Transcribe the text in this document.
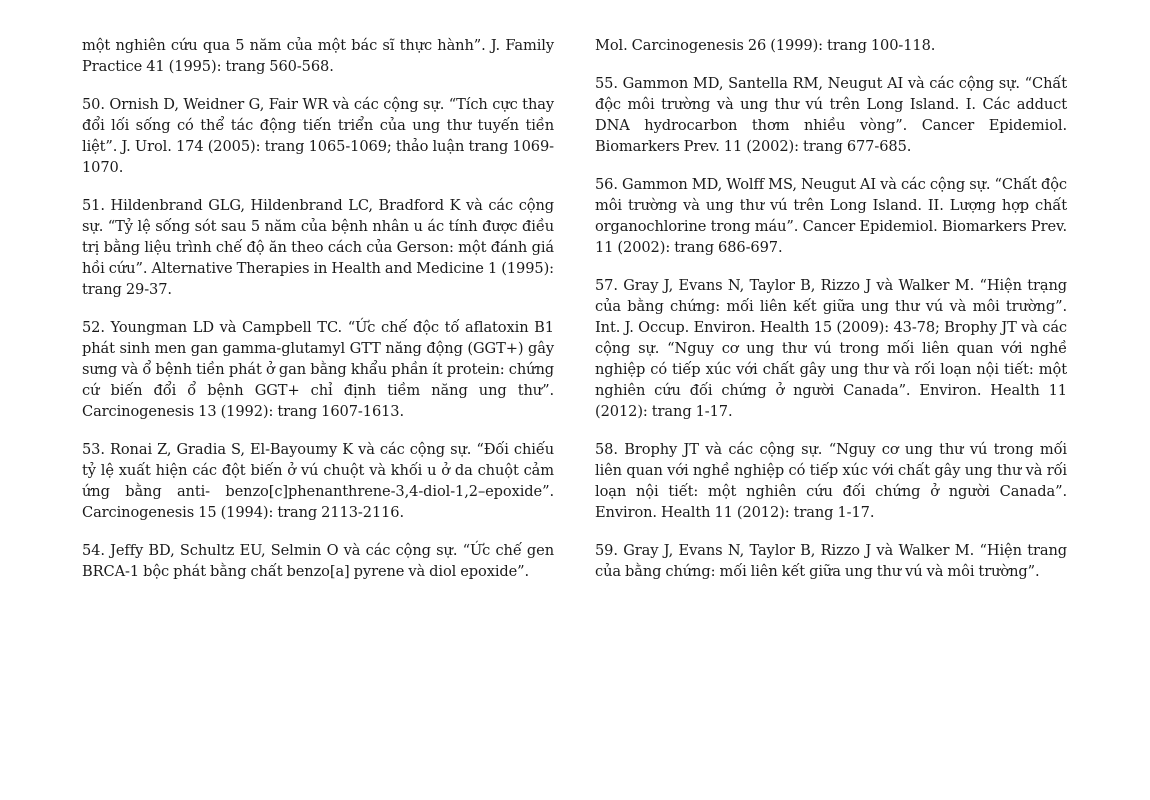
một nghiên cứu qua 5 năm của một bác sĩ thực hành”. J. Family Practice 41 (1995): trang 560-568.

50. Ornish D, Weidner G, Fair WR và các cộng sự. “Tích cực thay đổi lối sống có thể tác động tiến triển của ung thư tuyến tiền liệt”. J. Urol. 174 (2005): trang 1065-1069; thảo luận trang 1069-1070.

51. Hildenbrand GLG, Hildenbrand LC, Bradford K và các cộng sự. “Tỷ lệ sống sót sau 5 năm của bệnh nhân u ác tính được điều trị bằng liệu trình chế độ ăn theo cách của Gerson: một đánh giá hồi cứu”. Alternative Therapies in Health and Medicine 1 (1995): trang 29-37.

52. Youngman LD và Campbell TC. “Ức chế độc tố aflatoxin B1 phát sinh men gan gamma-glutamyl GTT năng động (GGT+) gây sưng và ổ bệnh tiền phát ở gan bằng khẩu phần ít protein: chứng cứ biến đổi ổ bệnh GGT+ chỉ định tiềm năng ung thư”. Carcinogenesis 13 (1992): trang 1607-1613.

53. Ronai Z, Gradia S, El-Bayoumy K và các cộng sự. “Đối chiếu tỷ lệ xuất hiện các đột biến ở vú chuột và khối u ở da chuột cảm ứng bằng anti- benzo[c]phenanthrene-3,4-diol-1,2–epoxide”. Carcinogenesis 15 (1994): trang 2113-2116.

54. Jeffy BD, Schultz EU, Selmin O và các cộng sự. “Ức chế gen BRCA-1 bộc phát bằng chất benzo[a] pyrene và diol epoxide”.

Mol. Carcinogenesis 26 (1999): trang 100-118.

55. Gammon MD, Santella RM, Neugut AI và các cộng sự. “Chất độc môi trường và ung thư vú trên Long Island. I. Các adduct DNA hydrocarbon thơm nhiều vòng”. Cancer Epidemiol. Biomarkers Prev. 11 (2002): trang 677-685.

56. Gammon MD, Wolff MS, Neugut AI và các cộng sự. “Chất độc môi trường và ung thư vú trên Long Island. II. Lượng hợp chất organochlorine trong máu”. Cancer Epidemiol. Biomarkers Prev. 11 (2002): trang 686-697.

57. Gray J, Evans N, Taylor B, Rizzo J và Walker M. “Hiện trạng của bằng chứng: mối liên kết giữa ung thư vú và môi trường”. Int. J. Occup. Environ. Health 15 (2009): 43-78; Brophy JT và các cộng sự. “Nguy cơ ung thư vú trong mối liên quan với nghề nghiệp có tiếp xúc với chất gây ung thư và rối loạn nội tiết: một nghiên cứu đối chứng ở người Canada”. Environ. Health 11 (2012): trang 1-17.

58. Brophy JT và các cộng sự. “Nguy cơ ung thư vú trong mối liên quan với nghề nghiệp có tiếp xúc với chất gây ung thư và rối loạn nội tiết: một nghiên cứu đối chứng ở người Canada”. Environ. Health 11 (2012): trang 1-17.

59. Gray J, Evans N, Taylor B, Rizzo J và Walker M. “Hiện trang của bằng chứng: mối liên kết giữa ung thư vú và môi trường”.
